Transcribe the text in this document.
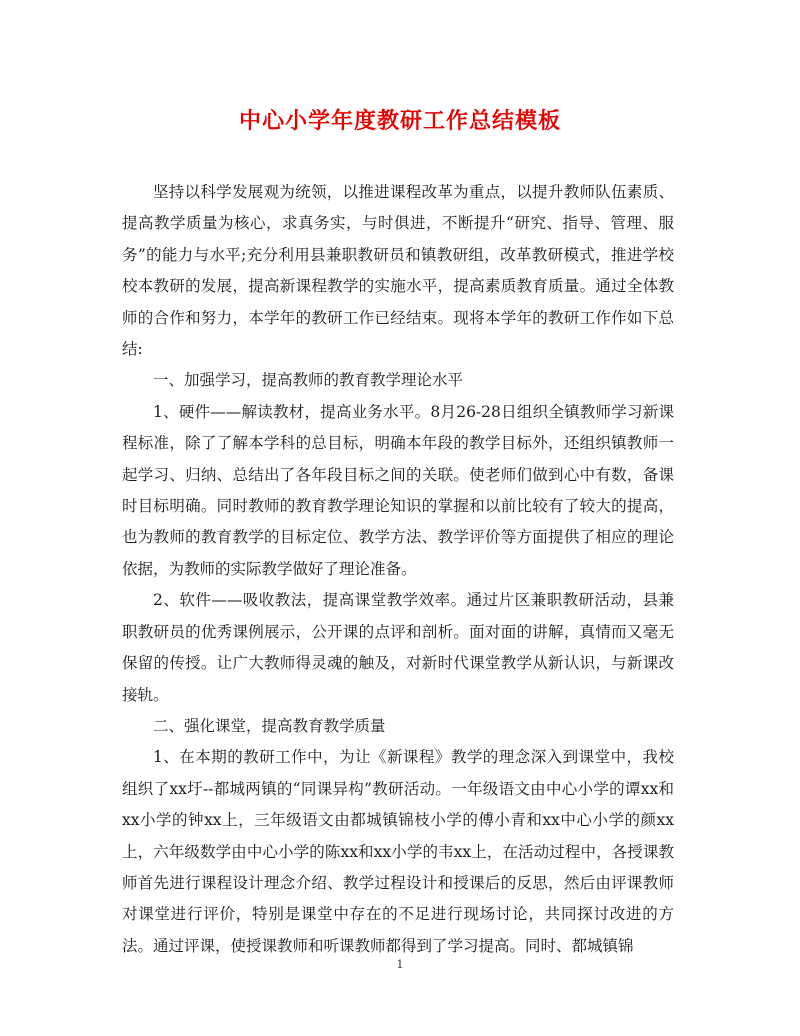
中心小学年度教研工作总结模板

坚持以科学发展观为统领，以推进课程改革为重点，以提升教师队伍素质、提高教学质量为核心，求真务实，与时俱进，不断提升“研究、指导、管理、服务”的能力与水平;充分利用县兼职教研员和镇教研组，改革教研模式，推进学校校本教研的发展，提高新课程教学的实施水平，提高素质教育质量。通过全体教师的合作和努力，本学年的教研工作已经结束。现将本学年的教研工作作如下总结:

一、加强学习，提高教师的教育教学理论水平

1、硬件——解读教材，提高业务水平。8月26-28日组织全镇教师学习新课程标准，除了了解本学科的总目标，明确本年段的教学目标外，还组织镇教师一起学习、归纳、总结出了各年段目标之间的关联。使老师们做到心中有数，备课时目标明确。同时教师的教育教学理论知识的掌握和以前比较有了较大的提高，也为教师的教育教学的目标定位、教学方法、教学评价等方面提供了相应的理论依据，为教师的实际教学做好了理论准备。

2、软件——吸收教法，提高课堂教学效率。通过片区兼职教研活动，县兼职教研员的优秀课例展示，公开课的点评和剖析。面对面的讲解，真情而又毫无保留的传授。让广大教师得灵魂的触及，对新时代课堂教学从新认识，与新课改接轨。

二、强化课堂，提高教育教学质量

1、在本期的教研工作中，为让《新课程》教学的理念深入到课堂中，我校组织了xx圩--都城两镇的“同课异构”教研活动。一年级语文由中心小学的谭xx和xx小学的钟xx上，三年级语文由都城镇锦枝小学的傅小青和xx中心小学的颜xx上，六年级数学由中心小学的陈xx和xx小学的韦xx上，在活动过程中，各授课教师首先进行课程设计理念介绍、教学过程设计和授课后的反思，然后由评课教师对课堂进行评价，特别是课堂中存在的不足进行现场讨论，共同探讨改进的方法。通过评课，使授课教师和听课教师都得到了学习提高。同时、都城镇锦

1
